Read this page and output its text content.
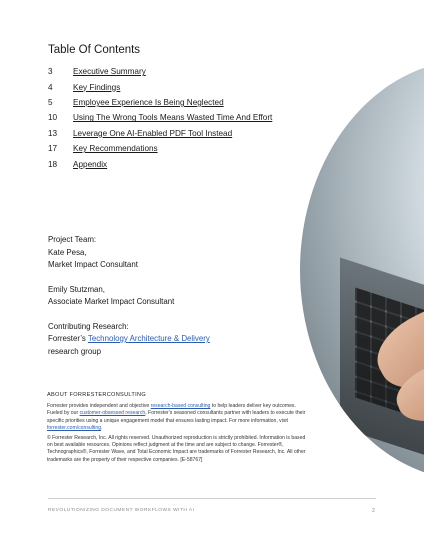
Table Of Contents
3	Executive Summary
4	Key Findings
5	Employee Experience Is Being Neglected
10	Using The Wrong Tools Means Wasted Time And Effort
13	Leverage One AI-Enabled PDF Tool Instead
17	Key Recommendations
18	Appendix

Project Team:

Kate Pesa,

Market Impact Consultant

Emily Stutzman,

Associate Market Impact Consultant

Contributing Research:

Forrester’s Technology Architecture & Delivery

research group

ABOUT FORRESTERCONSULTING

Forrester provides independent and objective research-based consulting to help leaders deliver key outcomes. Fueled by our customer-obsessed research, Forrester's seasoned consultants partner with leaders to execute their specific priorities using a unique engagement model that ensures lasting impact. For more information, visit forrester.com/consulting.

© Forrester Research, Inc. All rights reserved. Unauthorized reproduction is strictly prohibited. Information is based on best available resources. Opinions reflect judgment at the time and are subject to change. Forrester®, Technographics®, Forrester Wave, and Total Economic Impact are trademarks of Forrester Research, Inc. All other trademarks are the property of their respective companies. [E-58767]

REVOLUTIONIZING DOCUMENT WORKFLOWS WITH AI	2
